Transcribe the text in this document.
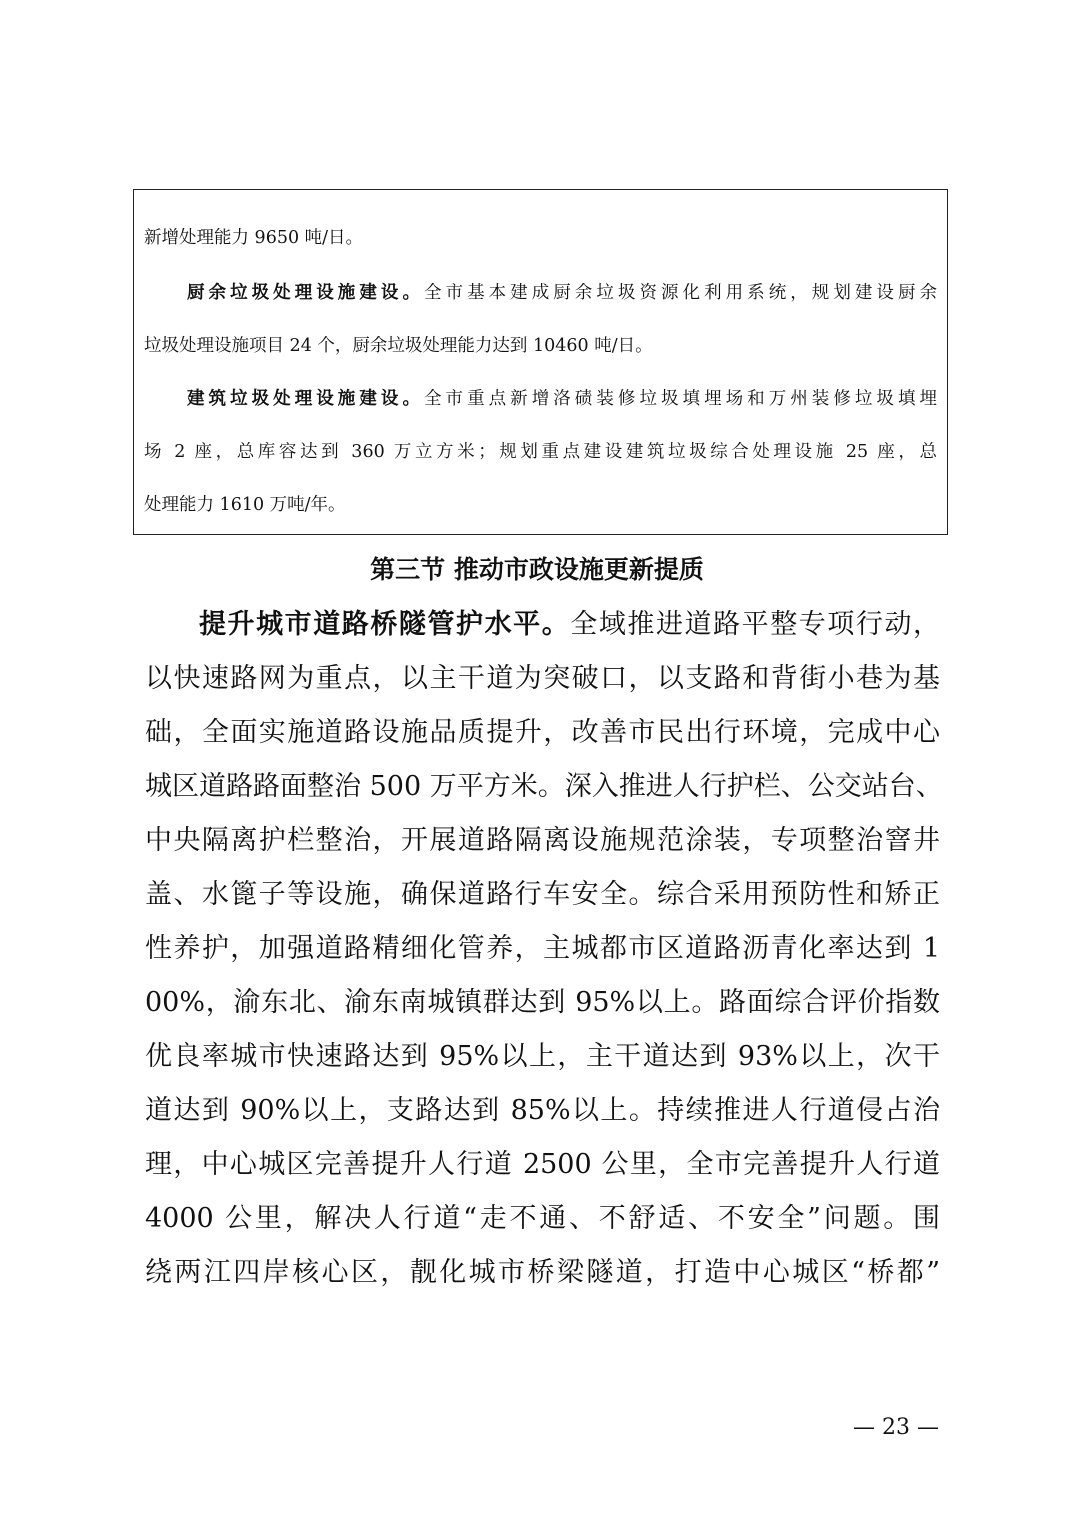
新增处理能力 9650 吨/日。
厨余垃圾处理设施建设。全市基本建成厨余垃圾资源化利用系统，规划建设厨余
垃圾处理设施项目 24 个，厨余垃圾处理能力达到 10460 吨/日。
建筑垃圾处理设施建设。全市重点新增洛碛装修垃圾填埋场和万州装修垃圾填埋
场 2 座，总库容达到 360 万立方米；规划重点建设建筑垃圾综合处理设施 25 座，总
处理能力 1610 万吨/年。
第三节 推动市政设施更新提质
提升城市道路桥隧管护水平。全域推进道路平整专项行动，
以快速路网为重点，以主干道为突破口，以支路和背街小巷为基
础，全面实施道路设施品质提升，改善市民出行环境，完成中心
城区道路路面整治 500 万平方米。深入推进人行护栏、公交站台、
中央隔离护栏整治，开展道路隔离设施规范涂装，专项整治窨井
盖、水篦子等设施，确保道路行车安全。综合采用预防性和矫正
性养护，加强道路精细化管养，主城都市区道路沥青化率达到 1
00%，渝东北、渝东南城镇群达到 95%以上。路面综合评价指数
优良率城市快速路达到 95%以上，主干道达到 93%以上，次干
道达到 90%以上，支路达到 85%以上。持续推进人行道侵占治
理，中心城区完善提升人行道 2500 公里，全市完善提升人行道
4000 公里，解决人行道“走不通、不舒适、不安全”问题。围
绕两江四岸核心区，靓化城市桥梁隧道，打造中心城区“桥都”
— 23 —
